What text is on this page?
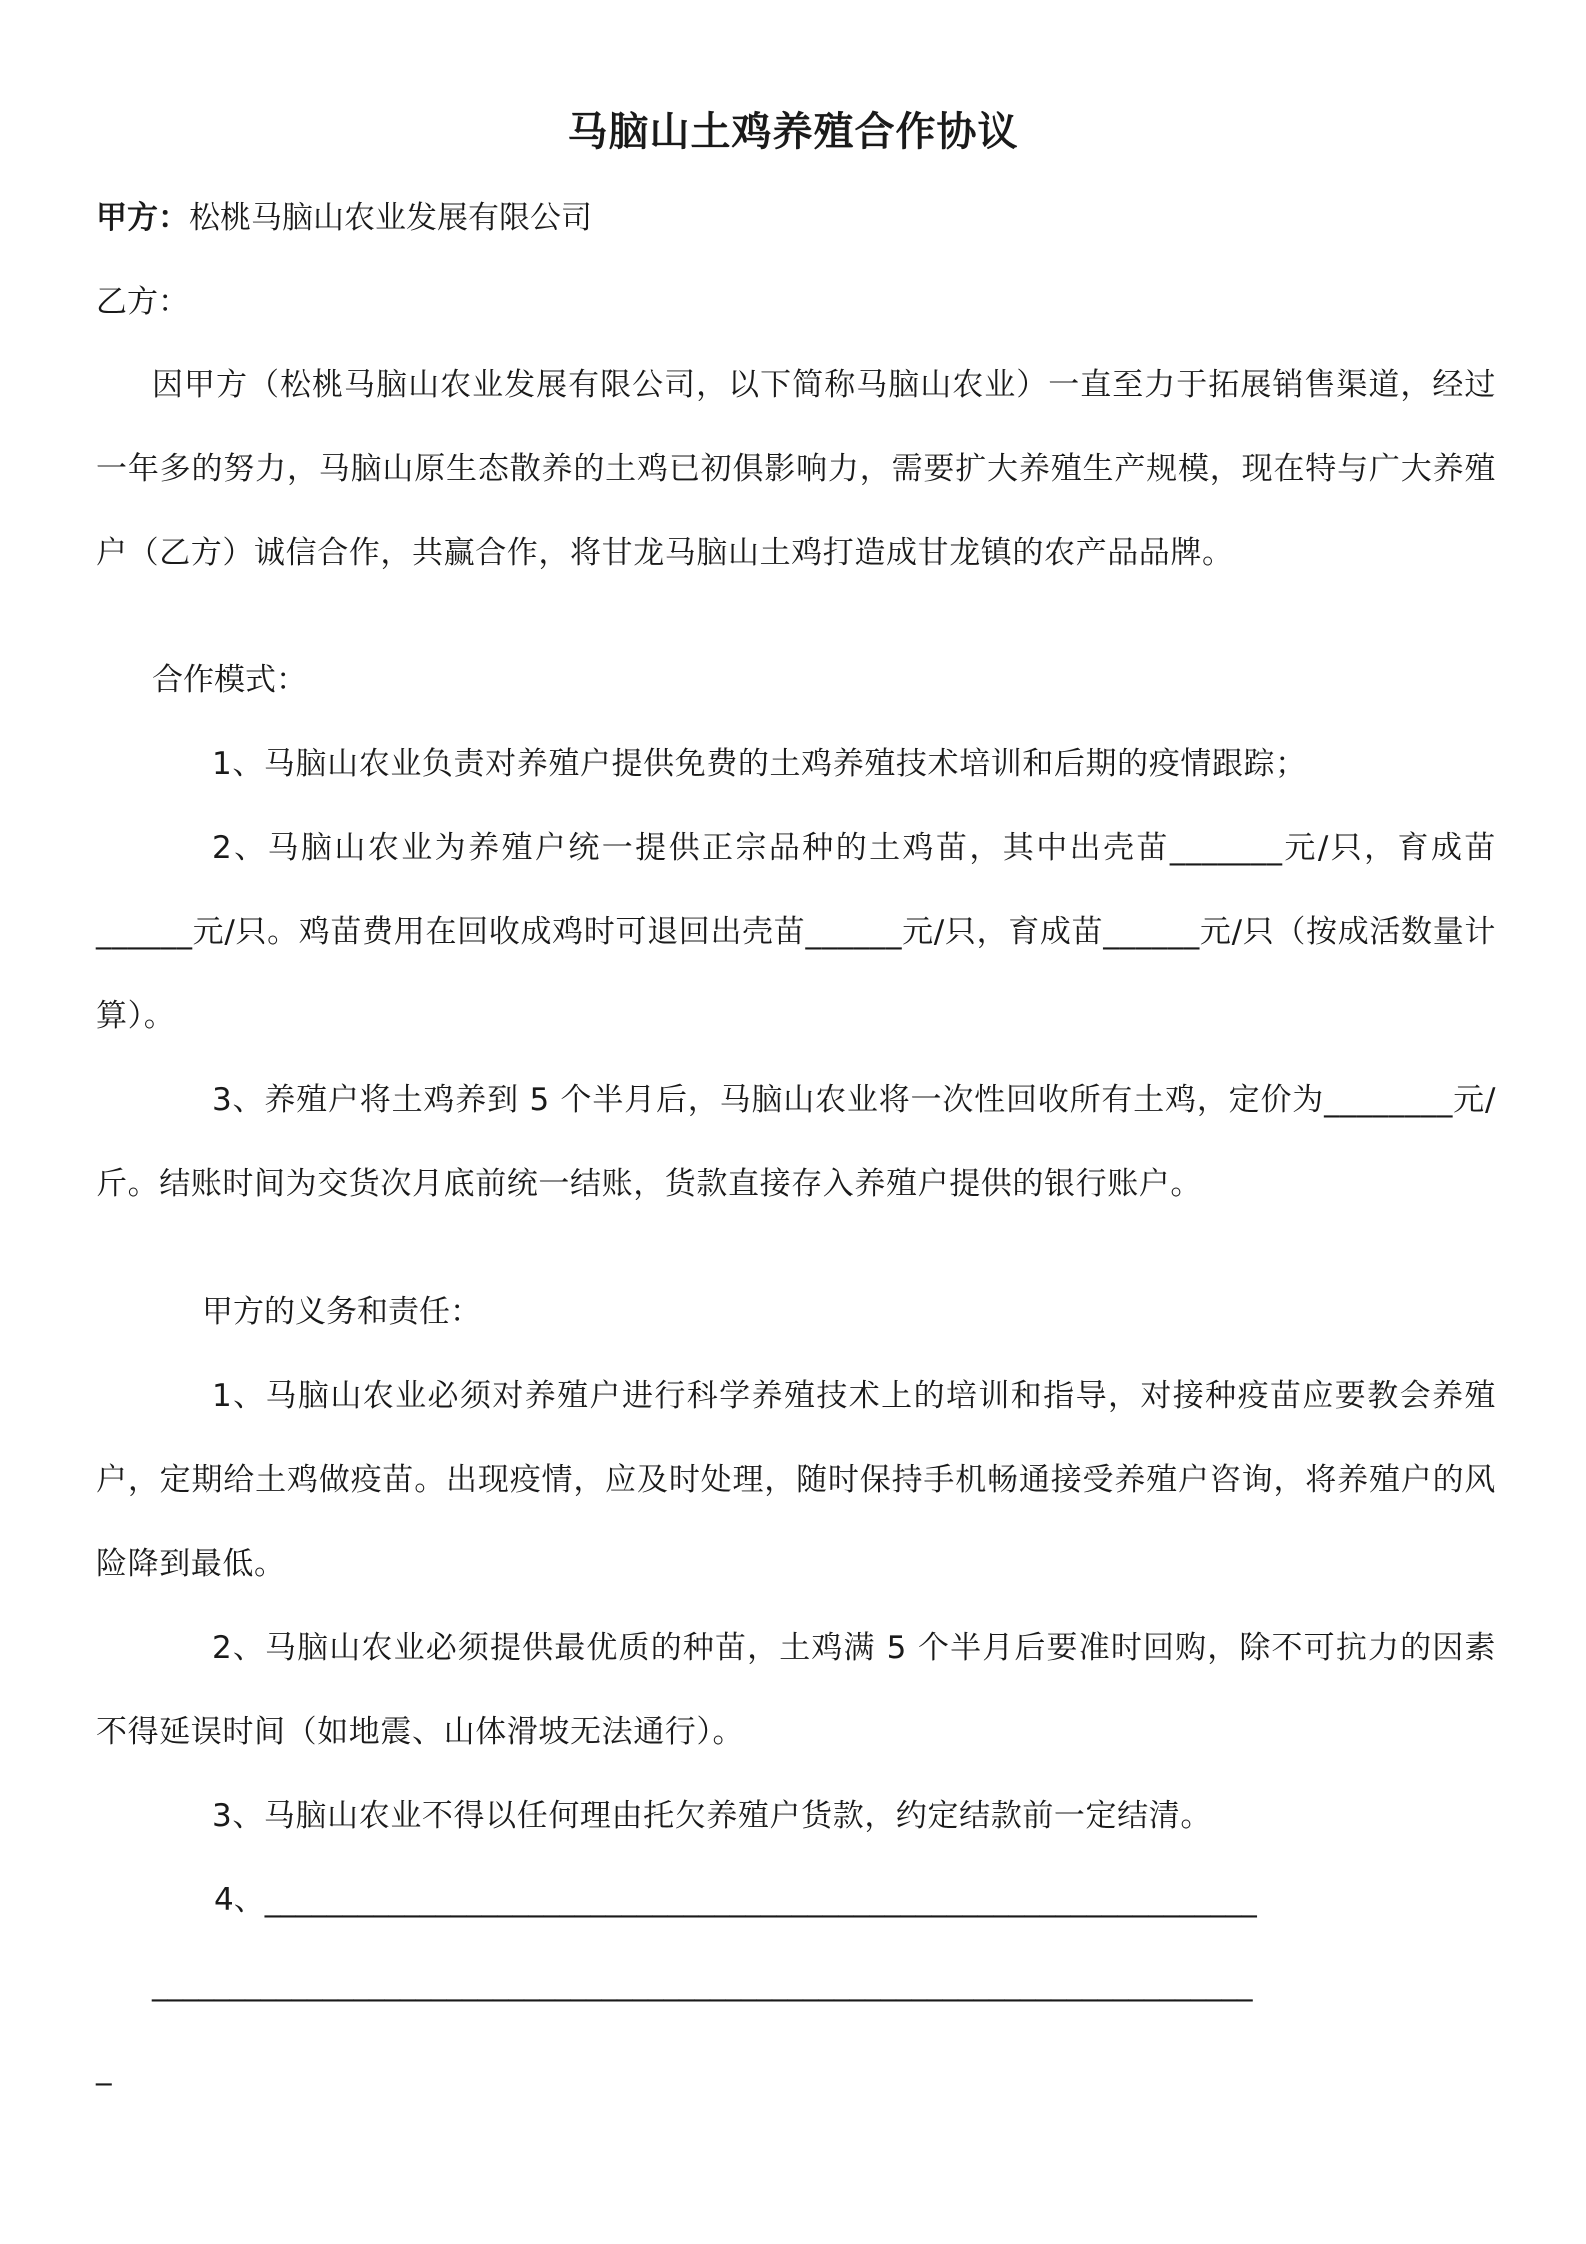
马脑山土鸡养殖合作协议
甲方：松桃马脑山农业发展有限公司
乙方：
因甲方（松桃马脑山农业发展有限公司，以下简称马脑山农业）一直至力于拓展销售渠道，经过一年多的努力，马脑山原生态散养的土鸡已初俱影响力，需要扩大养殖生产规模，现在特与广大养殖户（乙方）诚信合作，共赢合作，将甘龙马脑山土鸡打造成甘龙镇的农产品品牌。
合作模式：
1、马脑山农业负责对养殖户提供免费的土鸡养殖技术培训和后期的疫情跟踪；
2、马脑山农业为养殖户统一提供正宗品种的土鸡苗，其中出壳苗_______元/只，育成苗______元/只。鸡苗费用在回收成鸡时可退回出壳苗______元/只，育成苗______元/只（按成活数量计算）。
3、养殖户将土鸡养到 5 个半月后，马脑山农业将一次性回收所有土鸡，定价为________元/斤。结账时间为交货次月底前统一结账，货款直接存入养殖户提供的银行账户。
甲方的义务和责任：
1、马脑山农业必须对养殖户进行科学养殖技术上的培训和指导，对接种疫苗应要教会养殖户，定期给土鸡做疫苗。出现疫情，应及时处理，随时保持手机畅通接受养殖户咨询，将养殖户的风险降到最低。
2、马脑山农业必须提供最优质的种苗，土鸡满 5 个半月后要准时回购，除不可抗力的因素不得延误时间（如地震、山体滑坡无法通行）。
3、马脑山农业不得以任何理由托欠养殖户货款，约定结款前一定结清。
4、________________________________________________________________
_______________________________________________________________________
_
